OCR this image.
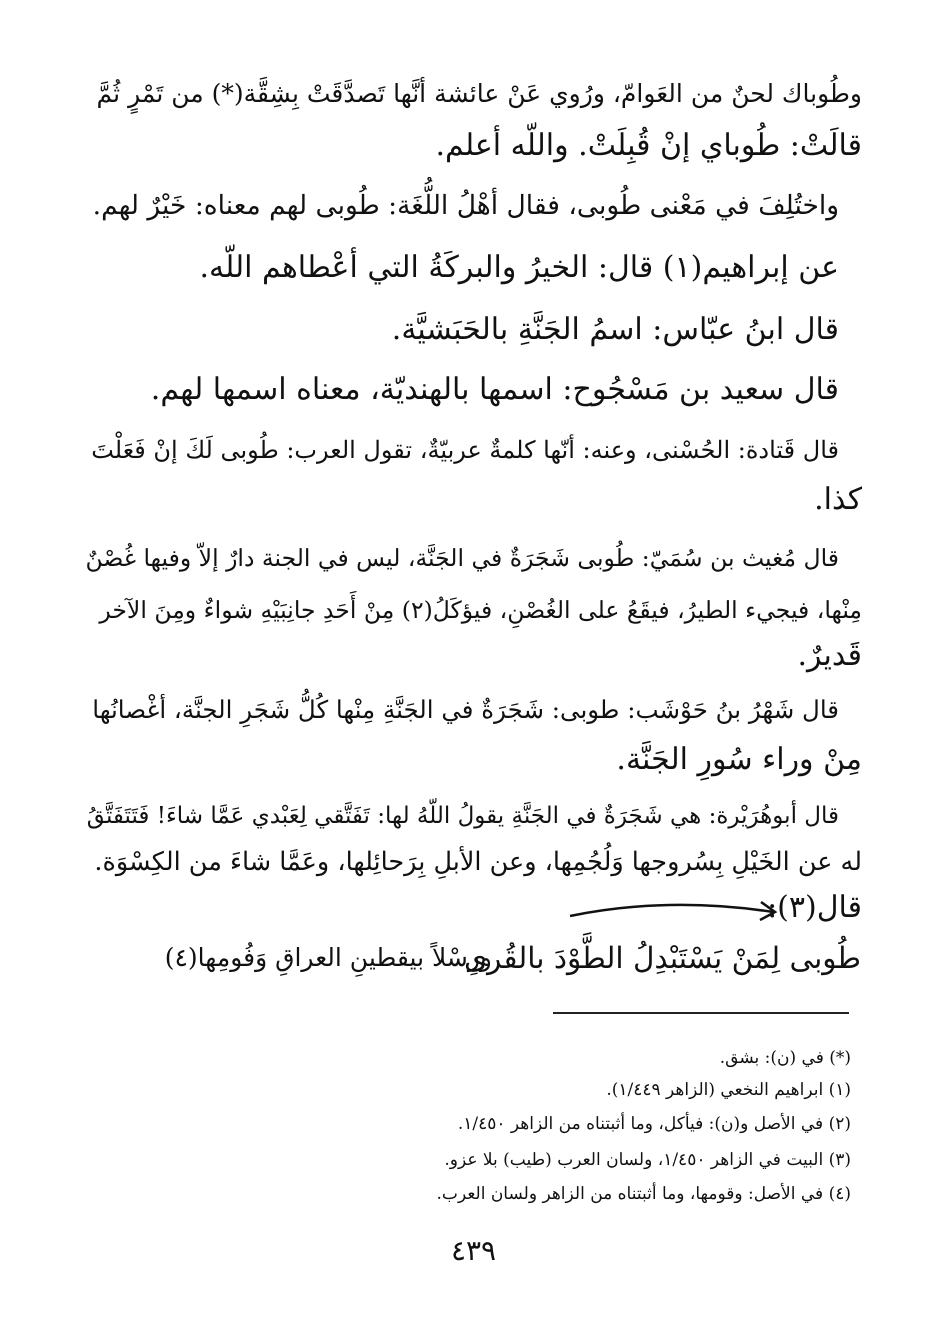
وطُوباك لحنٌ من العَوامّ، ورُوي عَنْ عائشة أنَّها تَصدَّقَتْ بِشِقَّة(*) من تَمْرٍ ثُمَّ
قالَتْ: طُوباي إنْ قُبِلَتْ. واللّه أعلم.
واختُلِفَ في مَعْنى طُوبى، فقال أهْلُ اللُّغَة: طُوبى لهم معناه: خَيْرٌ لهم.
عن إبراهيم(١) قال: الخيرُ والبركَةُ التي أعْطاهم اللّه.
قال ابنُ عبّاس: اسمُ الجَنَّةِ بالحَبَشيَّة.
قال سعيد بن مَسْجُوح: اسمها بالهنديّة، معناه اسمها لهم.
قال قَتادة: الحُسْنى، وعنه: أنّها كلمةٌ عربيّةٌ، تقول العرب: طُوبى لَكَ إنْ فَعَلْتَ
كذا.
قال مُغيث بن سُمَيّ: طُوبى شَجَرَةٌ في الجَنَّة، ليس في الجنة دارٌ إلاّ وفيها غُصْنٌ
مِنْها، فيجيء الطيرُ، فيقَعُ على الغُصْنِ، فيؤكَلُ(٢) مِنْ أَحَدِ جانِبَيْهِ شواءٌ ومِنَ الآخر
قَديرٌ.
قال شَهْرُ بنُ حَوْشَب: طوبى: شَجَرَةٌ في الجَنَّةِ مِنْها كُلُّ شَجَرِ الجنَّة، أغْصانُها
مِنْ وراء سُورِ الجَنَّة.
قال أبوهُرَيْرة: هي شَجَرَةٌ في الجَنَّةِ يقولُ اللّهُ لها: تَفَتَّقي لِعَبْدي عَمَّا شاءَ! فَتَتَفَتَّقُ
له عن الخَيْلِ بِسُروجها وَلُجُمِها، وعن الأبلِ بِرَحائِلها، وعَمَّا شاءَ من الكِسْوَة.
قال(٣):
طُوبى لِمَنْ يَسْتَبْدِلُ الطَّوْدَ بالقُرى
ورِسْلاً بيقطينِ العراقِ وَفُومِها(٤)
(*) في (ن): بشق.
(١) ابراهيم النخعي (الزاهر ١/٤٤٩).
(٢) في الأصل و(ن): فيأكل، وما أثبتناه من الزاهر ١/٤٥٠.
(٣) البيت في الزاهر ١/٤٥٠، ولسان العرب (طيب) بلا عزو.
(٤) في الأصل: وقومها، وما أثبتناه من الزاهر ولسان العرب.
٤٣٩
